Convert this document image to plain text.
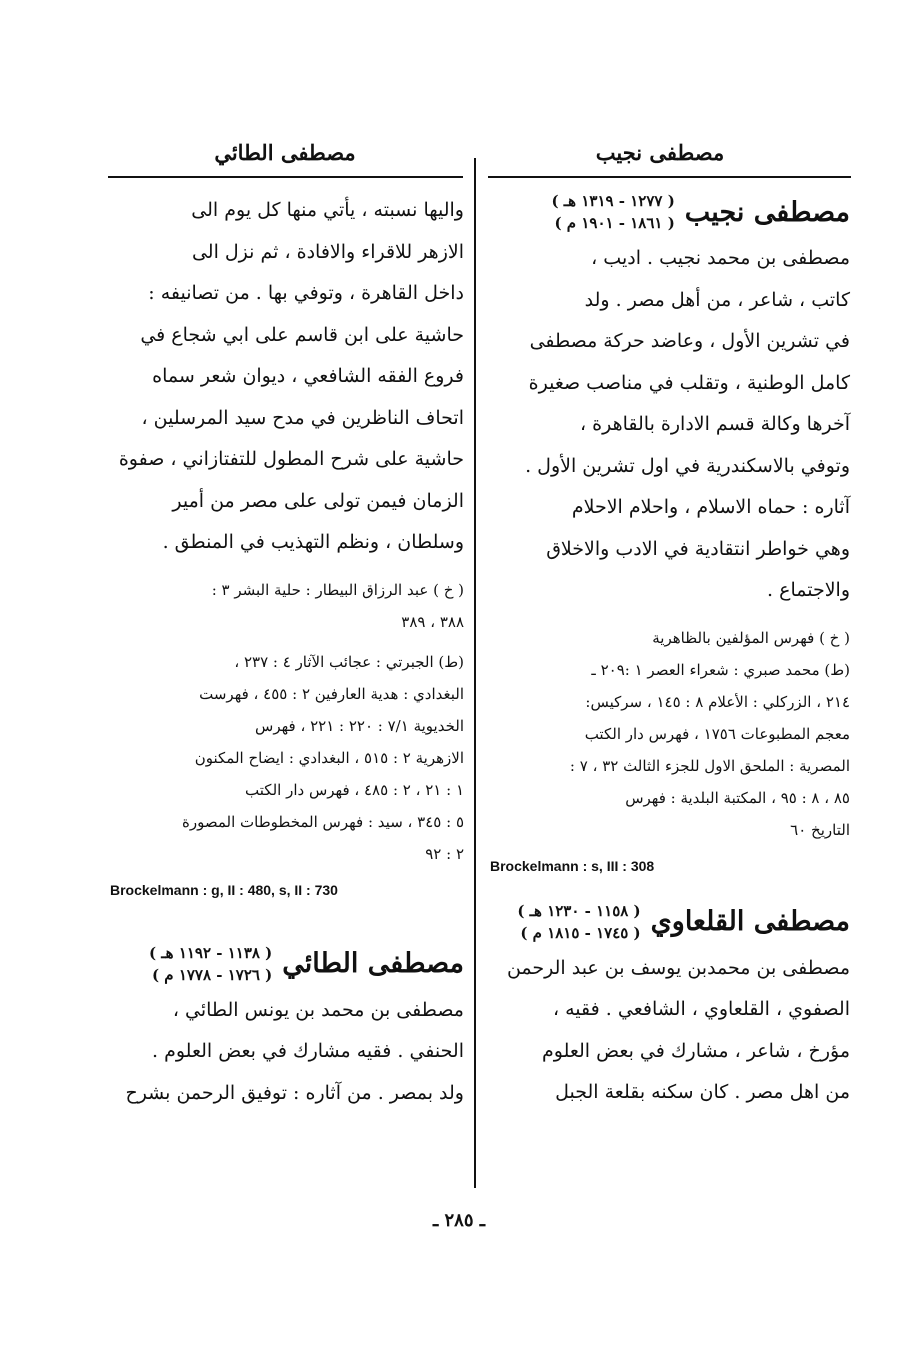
مصطفى نجيب
مصطفى الطائي
مصطفى نجيب
( ١٢٧٧ - ١٣١٩ هـ )
( ١٨٦١ - ١٩٠١ م )

مصطفى بن محمد نجيب . اديب ،

كاتب ، شاعر ، من أهل مصر . ولد

في تشرين الأول ، وعاضد حركة مصطفى

كامل الوطنية ، وتقلب في مناصب صغيرة

آخرها وكالة قسم الادارة بالقاهرة ،

وتوفي بالاسكندرية في اول تشرين الأول .

آثاره : حماه الاسلام ، واحلام الاحلام

وهي خواطر انتقادية في الادب والاخلاق

والاجتماع .

( خ ) فهرس المؤلفين بالظاهرية

(ط) محمد صبري : شعراء العصر ١ :٢٠٩ ـ

٢١٤ ، الزركلي : الأعلام ٨ : ١٤٥ ، سركيس:

معجم المطبوعات ١٧٥٦ ، فهرس دار الكتب

المصرية : الملحق الاول للجزء الثالث ٣٢ ، ٧ :

٨٥ ، ٨ : ٩٥ ، المكتبة البلدية : فهرس

التاريخ ٦٠

Brockelmann : s, III : 308
مصطفى القلعاوي
( ١١٥٨ - ١٢٣٠ هـ )
( ١٧٤٥ - ١٨١٥ م )

مصطفى بن محمدبن يوسف بن عبد الرحمن

الصفوي ، القلعاوي ، الشافعي . فقيه ،

مؤرخ ، شاعر ، مشارك في بعض العلوم

من اهل مصر . كان سكنه بقلعة الجبل

واليها نسبته ، يأتي منها كل يوم الى

الازهر للاقراء والافادة ، ثم نزل الى

داخل القاهرة ، وتوفي بها . من تصانيفه :

حاشية على ابن قاسم على ابي شجاع في

فروع الفقه الشافعي ، ديوان شعر سماه

اتحاف الناظرين في مدح سيد المرسلين ،

حاشية على شرح المطول للتفتازاني ، صفوة

الزمان فيمن تولى على مصر من أمير

وسلطان ، ونظم التهذيب في المنطق .

( خ ) عبد الرزاق البيطار : حلية البشر ٣ :

٣٨٨ ، ٣٨٩

(ط) الجبرتي : عجائب الآثار ٤ : ٢٣٧ ،

البغدادي : هدية العارفين ٢ : ٤٥٥ ، فهرست

الخديوية ٧/١ : ٢٢٠ : ٢٢١ ، فهرس

الازهرية ٢ : ٥١٥ ، البغدادي : ايضاح المكنون

١ : ٢١ ، ٢ : ٤٨٥ ، فهرس دار الكتب

٥ : ٣٤٥ ، سيد : فهرس المخطوطات المصورة

٢ : ٩٢

Brockelmann : g, II : 480, s, II : 730
مصطفى الطائي
( ١١٣٨ - ١١٩٢ هـ )
( ١٧٢٦ - ١٧٧٨ م )

مصطفى بن محمد بن يونس الطائي ،

الحنفي . فقيه مشارك في بعض العلوم .

ولد بمصر . من آثاره : توفيق الرحمن بشرح

ـ ٢٨٥ ـ
